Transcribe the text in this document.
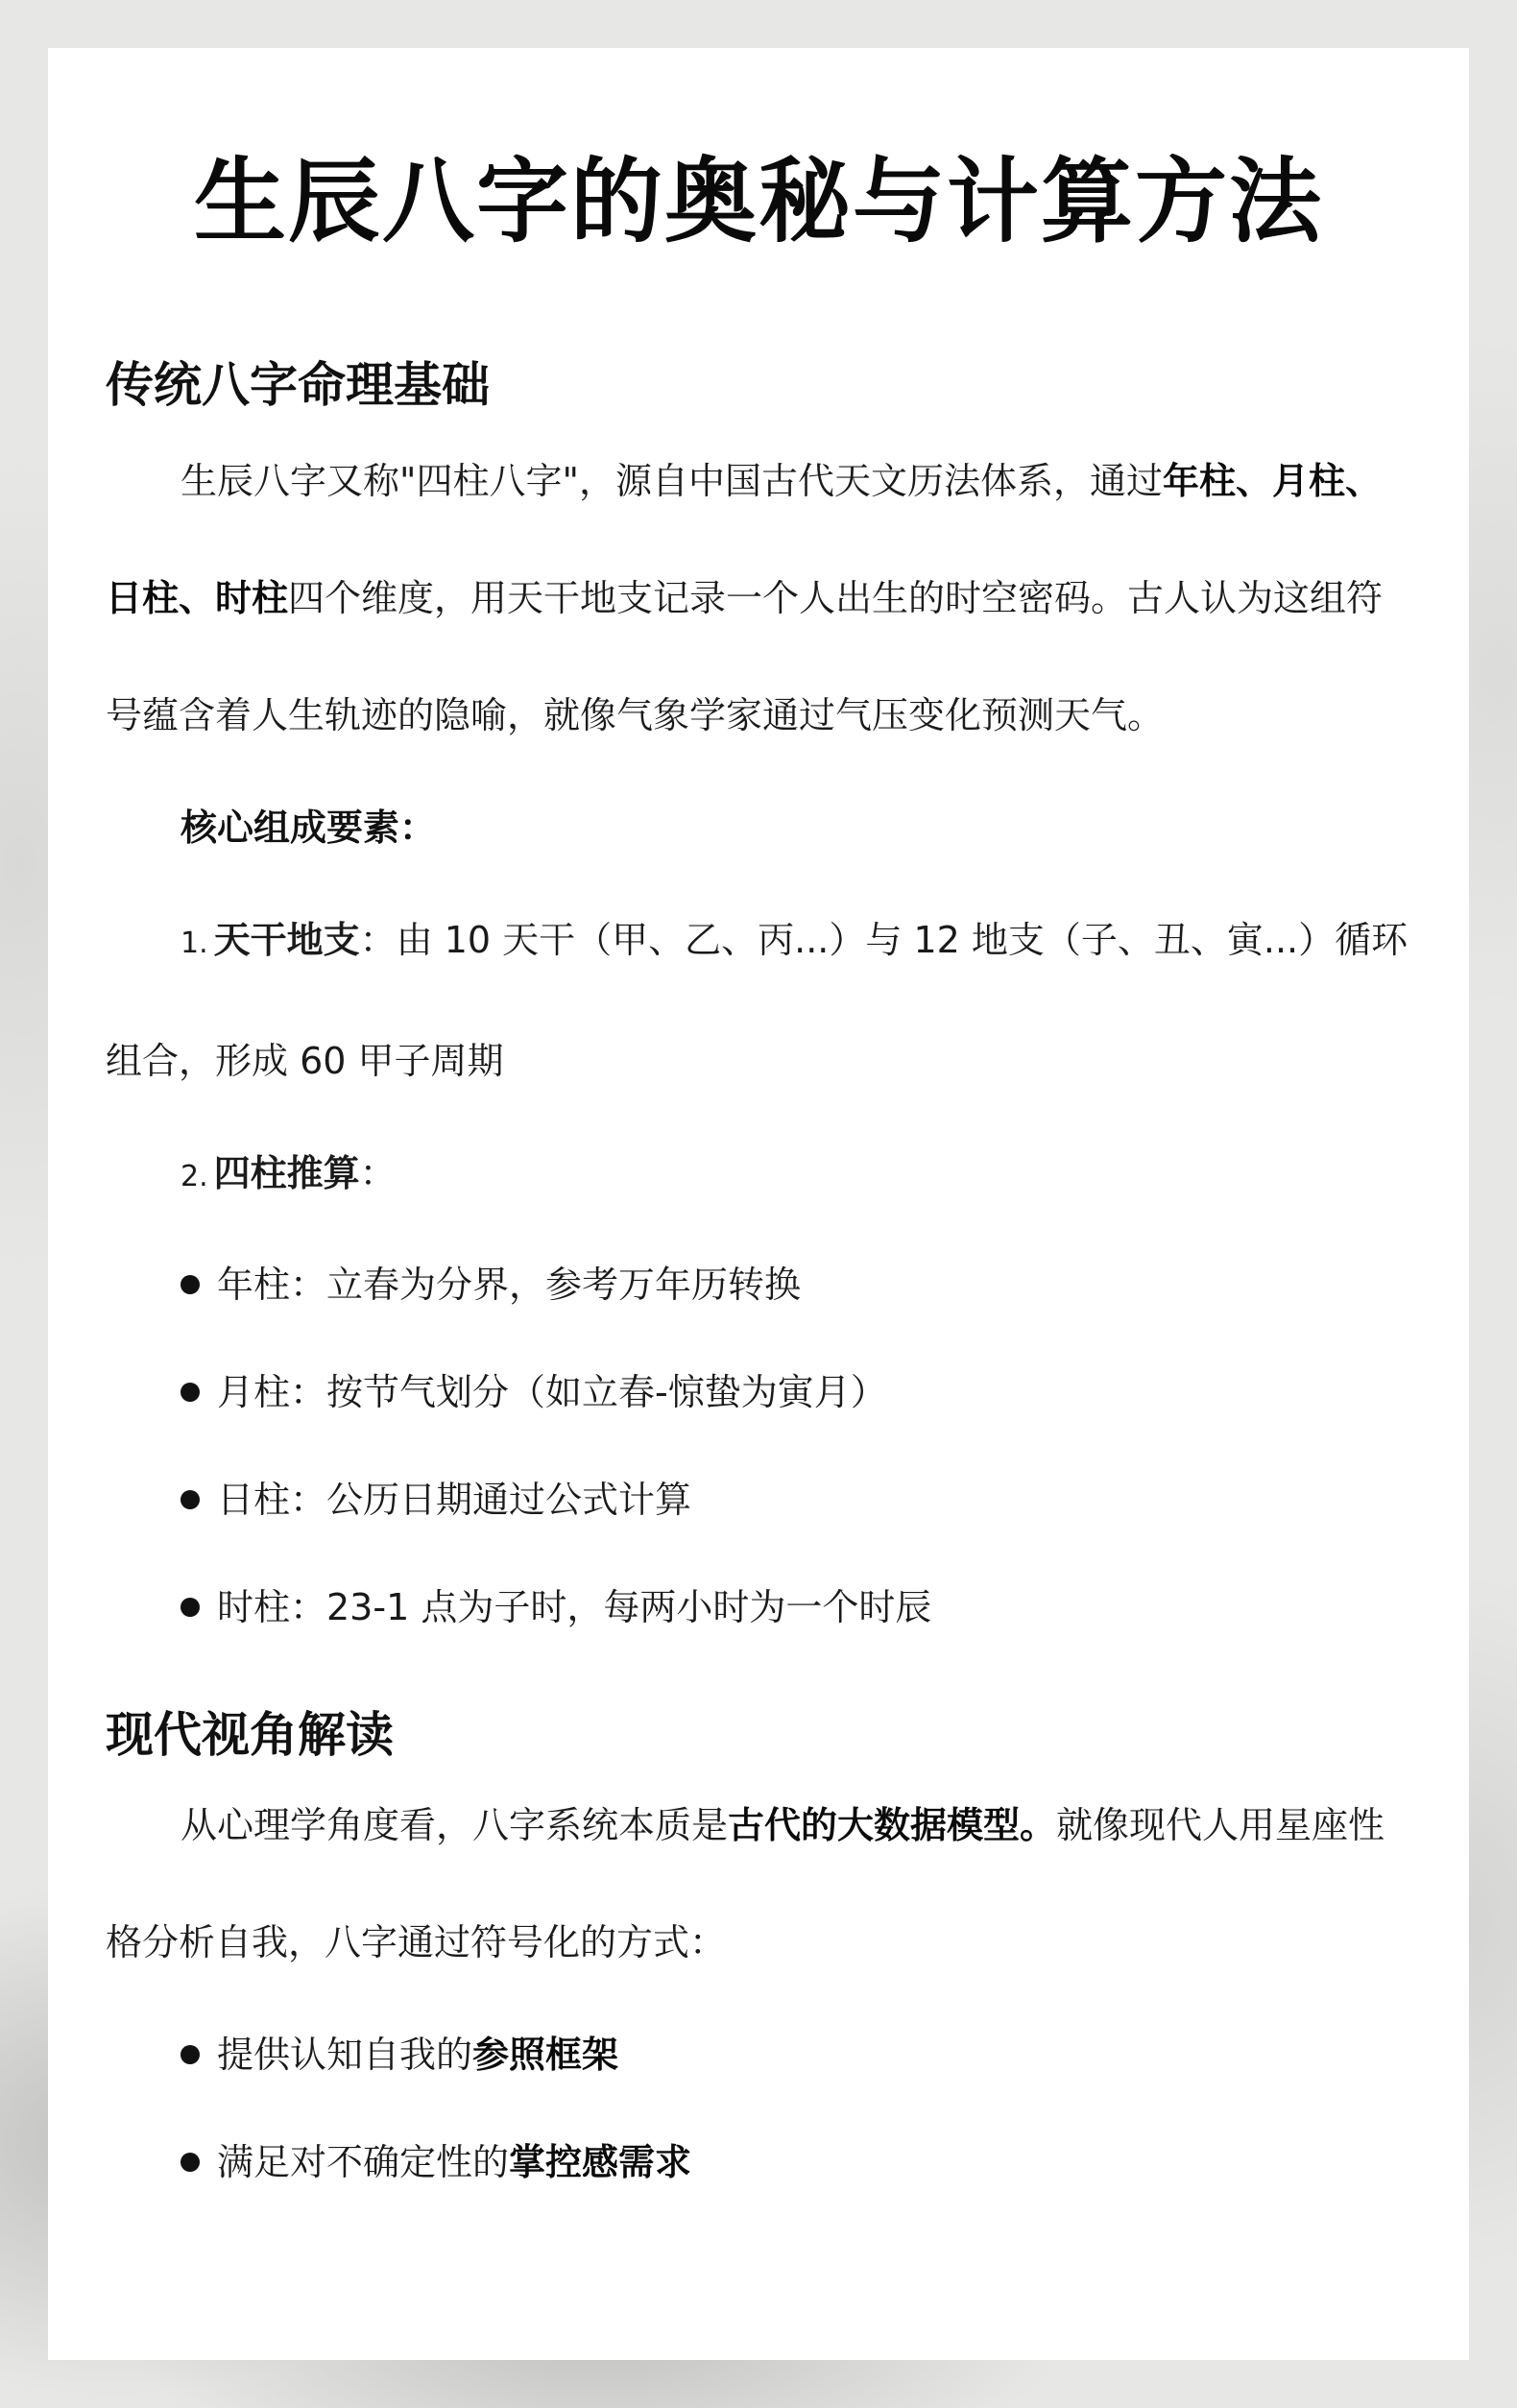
生辰八字的奥秘与计算方法
传统八字命理基础

生辰八字又称"四柱八字"，源自中国古代天文历法体系，通过年柱、月柱、日柱、时柱四个维度，用天干地支记录一个人出生的时空密码。古人认为这组符号蕴含着人生轨迹的隐喻，就像气象学家通过气压变化预测天气。

核心组成要素：

1. 天干地支：由 10 天干（甲、乙、丙...）与 12 地支（子、丑、寅...）循环组合，形成 60 甲子周期

2. 四柱推算：

年柱：立春为分界，参考万年历转换
月柱：按节气划分（如立春-惊蛰为寅月）
日柱：公历日期通过公式计算
时柱：23-1 点为子时，每两小时为一个时辰
现代视角解读

从心理学角度看，八字系统本质是古代的大数据模型。就像现代人用星座性格分析自我，八字通过符号化的方式：

提供认知自我的 参照框架
满足对不确定性的 掌控感需求
